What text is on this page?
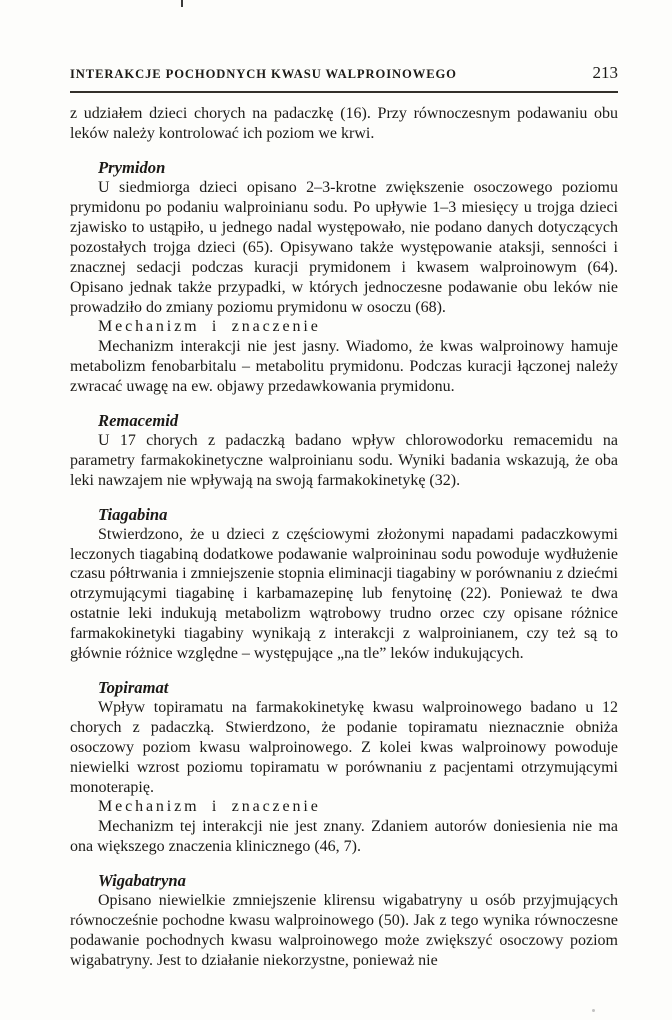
INTERAKCJE POCHODNYCH KWASU WALPROINOWEGO	213

z udziałem dzieci chorych na padaczkę (16). Przy równoczesnym podawaniu obu leków należy kontrolować ich poziom we krwi.

Prymidon

U siedmiorga dzieci opisano 2–3-krotne zwiększenie osoczowego poziomu prymidonu po podaniu walproinianu sodu. Po upływie 1–3 miesięcy u trojga dzieci zjawisko to ustąpiło, u jednego nadal występowało, nie podano danych dotyczących pozostałych trojga dzieci (65). Opisywano także występowanie ataksji, senności i znacznej sedacji podczas kuracji prymidonem i kwasem walproinowym (64). Opisano jednak także przypadki, w których jednoczesne podawanie obu leków nie prowadziło do zmiany poziomu prymidonu w osoczu (68).

Mechanizm i znaczenie

Mechanizm interakcji nie jest jasny. Wiadomo, że kwas walproinowy hamuje metabolizm fenobarbitalu – metabolitu prymidonu. Podczas kuracji łączonej należy zwracać uwagę na ew. objawy przedawkowania prymidonu.

Remacemid

U 17 chorych z padaczką badano wpływ chlorowodorku remacemidu na parametry farmakokinetyczne walproinianu sodu. Wyniki badania wskazują, że oba leki nawzajem nie wpływają na swoją farmakokinetykę (32).

Tiagabina

Stwierdzono, że u dzieci z częściowymi złożonymi napadami padaczkowymi leczonych tiagabiną dodatkowe podawanie walproininau sodu powoduje wydłużenie czasu półtrwania i zmniejszenie stopnia eliminacji tiagabiny w porównaniu z dziećmi otrzymującymi tiagabinę i karbamazepinę lub fenytoinę (22). Ponieważ te dwa ostatnie leki indukują metabolizm wątrobowy trudno orzec czy opisane różnice farmakokinetyki tiagabiny wynikają z interakcji z walproinianem, czy też są to głównie różnice względne – występujące „na tle” leków indukujących.

Topiramat

Wpływ topiramatu na farmakokinetykę kwasu walproinowego badano u 12 chorych z padaczką. Stwierdzono, że podanie topiramatu nieznacznie obniża osoczowy poziom kwasu walproinowego. Z kolei kwas walproinowy powoduje niewielki wzrost poziomu topiramatu w porównaniu z pacjentami otrzymującymi monoterapię.

Mechanizm i znaczenie

Mechanizm tej interakcji nie jest znany. Zdaniem autorów doniesienia nie ma ona większego znaczenia klinicznego (46, 7).

Wigabatryna

Opisano niewielkie zmniejszenie klirensu wigabatryny u osób przyjmujących równocześnie pochodne kwasu walproinowego (50). Jak z tego wynika równoczesne podawanie pochodnych kwasu walproinowego może zwiększyć osoczowy poziom wigabatryny. Jest to działanie niekorzystne, ponieważ nie
